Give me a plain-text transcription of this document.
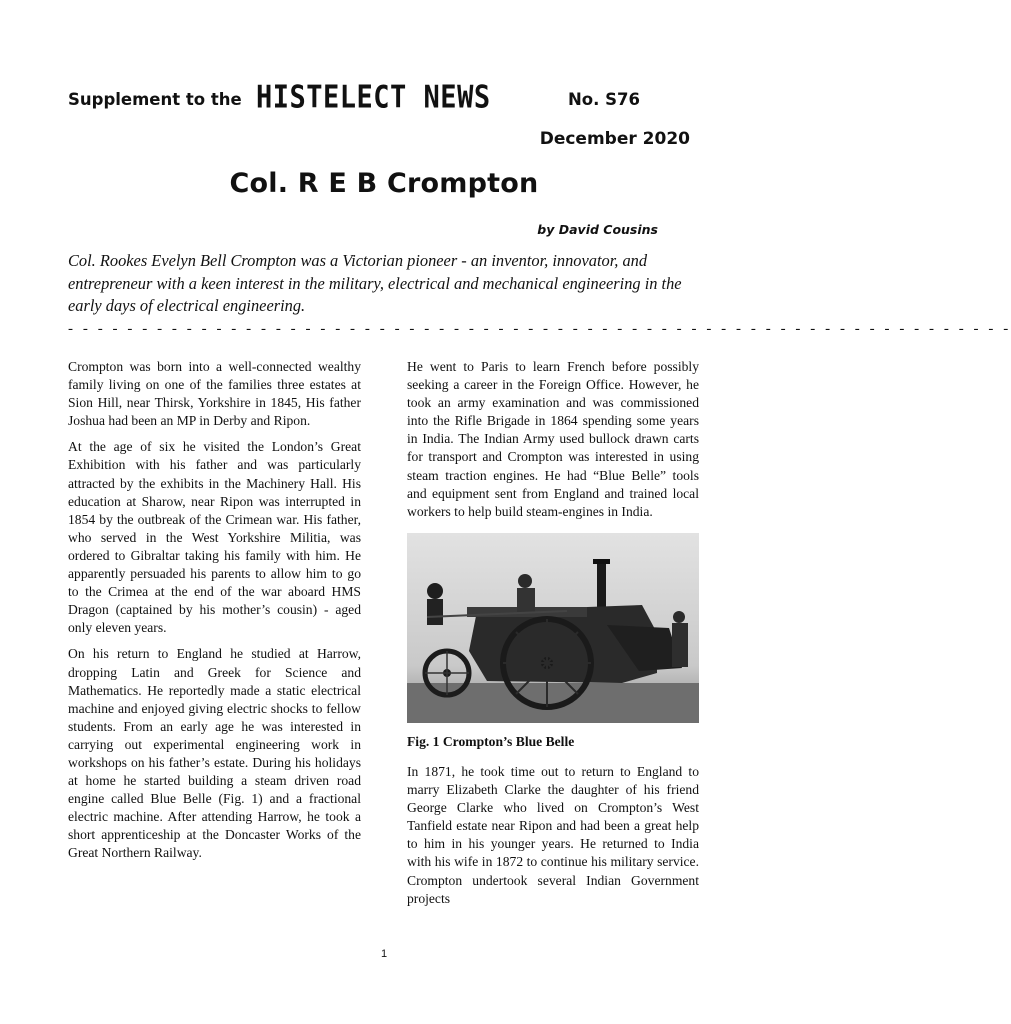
Supplement to the HISTELECT NEWS	No. S76
December 2020
Col. R E B Crompton
by David Cousins
Col. Rookes Evelyn Bell Crompton was a Victorian pioneer - an inventor, innovator, and entrepreneur with a keen interest in the military, electrical and mechanical engineering in the early days of electrical engineering.
- - - - - - - - - - - - - - - - - - - - - - - - - - - - - - - - - - - - - - - - - - - - - - - - - - - - - - - - - - - - - - - -

Crompton was born into a well-connected wealthy family living on one of the families three estates at Sion Hill, near Thirsk, Yorkshire in 1845, His father Joshua had been an MP in Derby and Ripon.

At the age of six he visited the London’s Great Exhibition with his father and was particularly attracted by the exhibits in the Machinery Hall. His education at Sharow, near Ripon was interrupted in 1854 by the outbreak of the Crimean war. His father, who served in the West Yorkshire Militia, was ordered to Gibraltar taking his family with him. He apparently persuaded his parents to allow him to go to the Crimea at the end of the war aboard HMS Dragon (captained by his mother’s cousin) - aged only eleven years.

On his return to England he studied at Harrow, dropping Latin and Greek for Science and Mathematics. He reportedly made a static electrical machine and enjoyed giving electric shocks to fellow students. From an early age he was interested in carrying out experimental engineering work in workshops on his father’s estate. During his holidays at home he started building a steam driven road engine called Blue Belle (Fig. 1) and a fractional electric machine. After attending Harrow, he took a short apprenticeship at the Doncaster Works of the Great Northern Railway.

He went to Paris to learn French before possibly seeking a career in the Foreign Office. However, he took an army examination and was commissioned into the Rifle Brigade in 1864 spending some years in India. The Indian Army used bullock drawn carts for transport and Crompton was interested in using steam traction engines. He had “Blue Belle” tools and equipment sent from England and trained local workers to help build steam-engines in India.

Fig. 1 Crompton’s Blue Belle

In 1871, he took time out to return to England to marry Elizabeth Clarke the daughter of his friend George Clarke who lived on Crompton’s West Tanfield estate near Ripon and had been a great help to him in his younger years. He returned to India with his wife in 1872 to continue his military service. Crompton undertook several Indian Government projects

1
